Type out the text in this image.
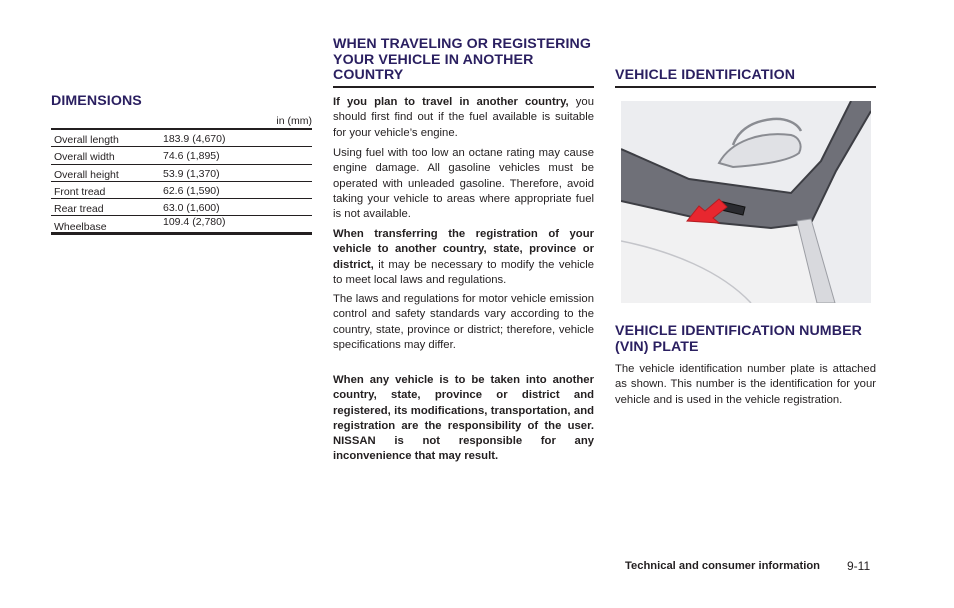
DIMENSIONS
in (mm)
Overall length	183.9 (4,670)
Overall width	74.6 (1,895)
Overall height	53.9 (1,370)
Front tread	62.6 (1,590)
Rear tread	63.0 (1,600)
Wheelbase	109.4 (2,780)
WHEN TRAVELING OR REGISTERING YOUR VEHICLE IN ANOTHER COUNTRY
If you plan to travel in another country, you should first find out if the fuel available is suitable for your vehicle’s engine.
Using fuel with too low an octane rating may cause engine damage. All gasoline vehicles must be operated with unleaded gasoline. Therefore, avoid taking your vehicle to areas where appropriate fuel is not available.
When transferring the registration of your vehicle to another country, state, province or district, it may be necessary to modify the vehicle to meet local laws and regulations.
The laws and regulations for motor vehicle emission control and safety standards vary according to the country, state, province or district; therefore, vehicle specifications may differ.
When any vehicle is to be taken into another country, state, province or district and registered, its modifications, transportation, and registration are the responsibility of the user. NISSAN is not responsible for any inconvenience that may result.
VEHICLE IDENTIFICATION
VEHICLE IDENTIFICATION NUMBER (VIN) PLATE
The vehicle identification number plate is attached as shown. This number is the identification for your vehicle and is used in the vehicle registration.
Technical and consumer information 9-11
